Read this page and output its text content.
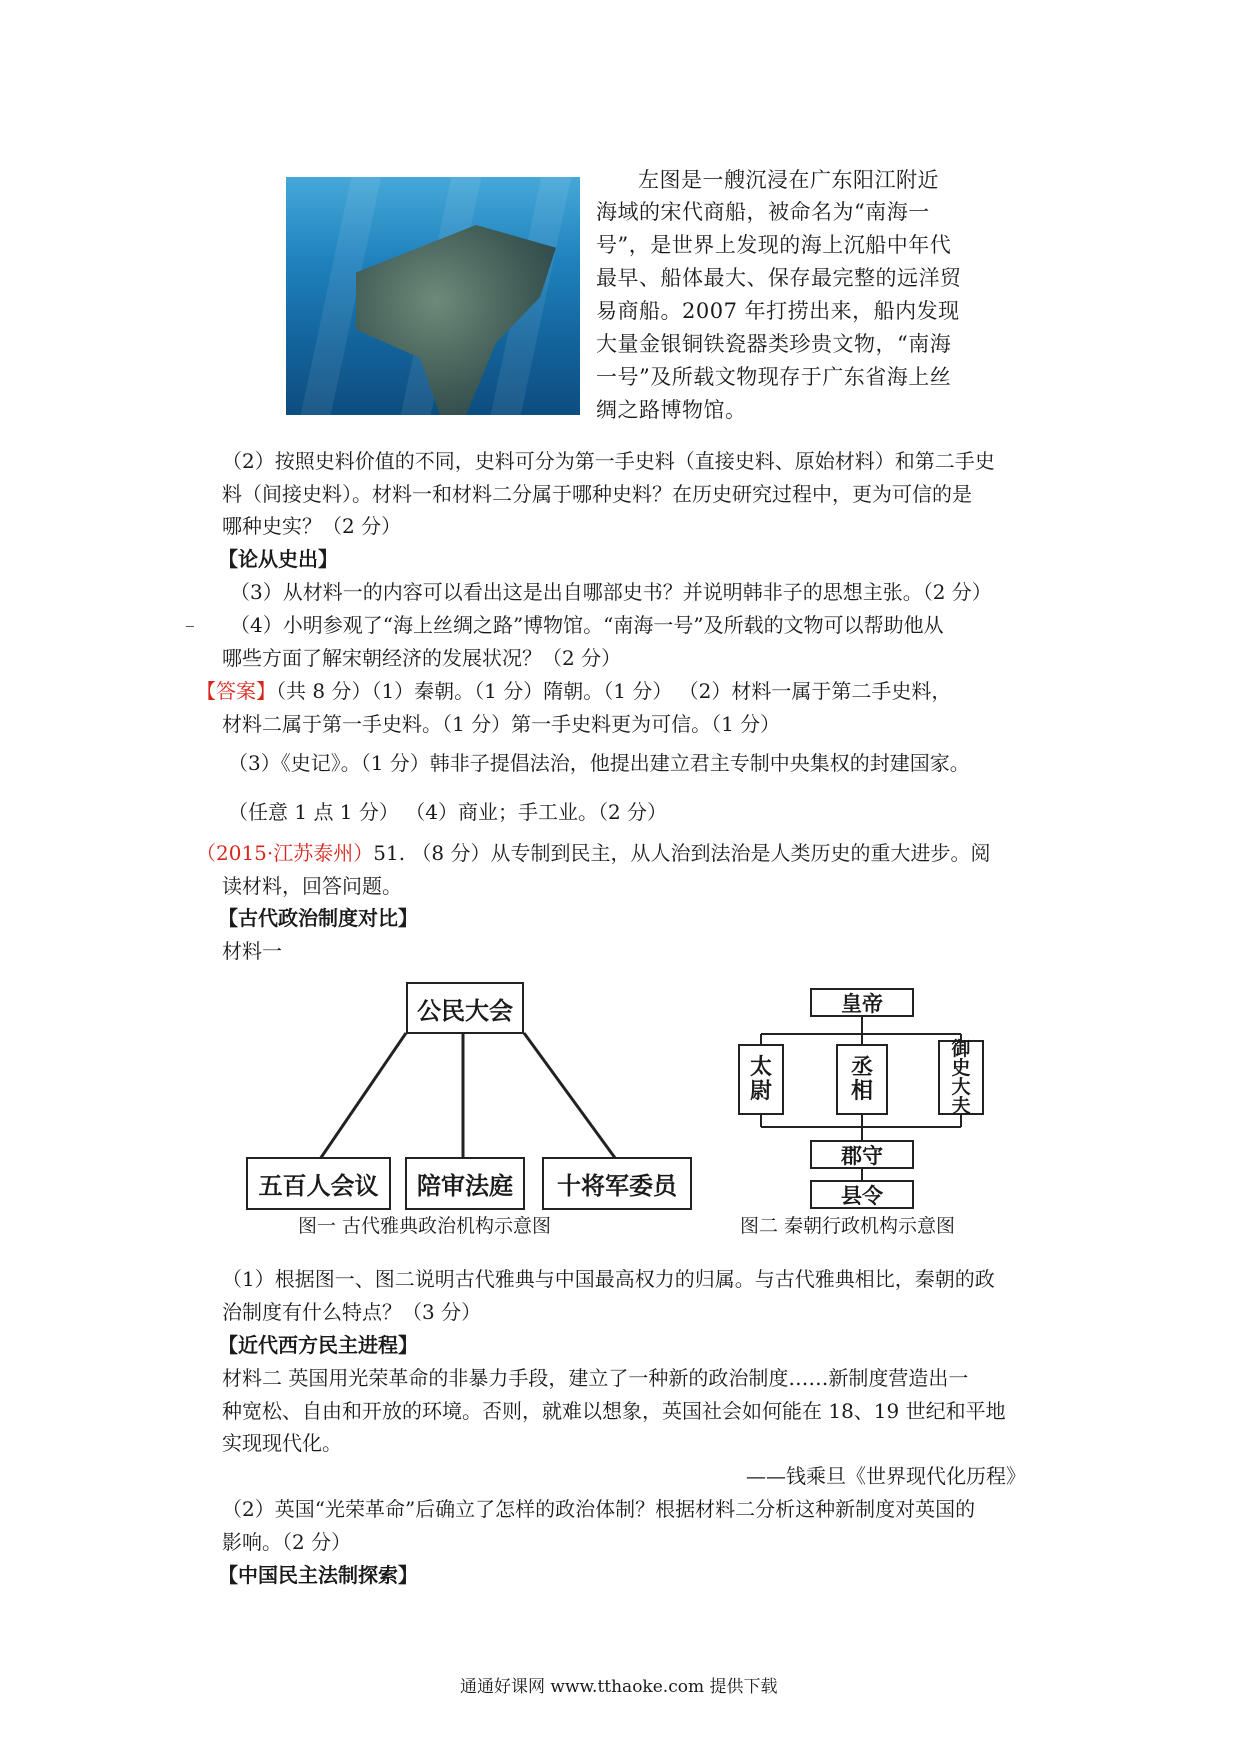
左图是一艘沉浸在广东阳江附近
海域的宋代商船，被命名为“南海一
号”，是世界上发现的海上沉船中年代
最早、船体最大、保存最完整的远洋贸
易商船。2007 年打捞出来，船内发现
大量金银铜铁瓷器类珍贵文物，“南海
一号”及所载文物现存于广东省海上丝
绸之路博物馆。
（2）按照史料价值的不同，史料可分为第一手史料（直接史料、原始材料）和第二手史
料（间接史料）。材料一和材料二分属于哪种史料？在历史研究过程中，更为可信的是
哪种史实？（2 分）
【论从史出】
（3）从材料一的内容可以看出这是出自哪部史书？并说明韩非子的思想主张。（2 分）
（4）小明参观了“海上丝绸之路”博物馆。“南海一号”及所载的文物可以帮助他从
哪些方面了解宋朝经济的发展状况？（2 分）
【答案】（共 8 分）（1）秦朝。（1 分）隋朝。（1 分） （2）材料一属于第二手史料，
材料二属于第一手史料。（1 分）第一手史料更为可信。（1 分）
（3）《史记》。（1 分）韩非子提倡法治，他提出建立君主专制中央集权的封建国家。
（任意 1 点 1 分） （4）商业；手工业。（2 分）
（2015·江苏泰州）51. （8 分）从专制到民主，从人治到法治是人类历史的重大进步。阅
读材料，回答问题。
【古代政治制度对比】
材料一
公民大会
五百人会议	陪审法庭	十将军委员
图一 古代雅典政治机构示意图
皇帝
太
尉
丞
相
御
史
大
夫
郡守
县令
图二 秦朝行政机构示意图
（1）根据图一、图二说明古代雅典与中国最高权力的归属。与古代雅典相比，秦朝的政
治制度有什么特点？（3 分）
【近代西方民主进程】
材料二 英国用光荣革命的非暴力手段，建立了一种新的政治制度……新制度营造出一
种宽松、自由和开放的环境。否则，就难以想象，英国社会如何能在 18、19 世纪和平地
实现现代化。
——钱乘旦《世界现代化历程》
（2）英国“光荣革命”后确立了怎样的政治体制？根据材料二分析这种新制度对英国的
影响。（2 分）
【中国民主法制探索】
通通好课网 www.tthaoke.com 提供下载
